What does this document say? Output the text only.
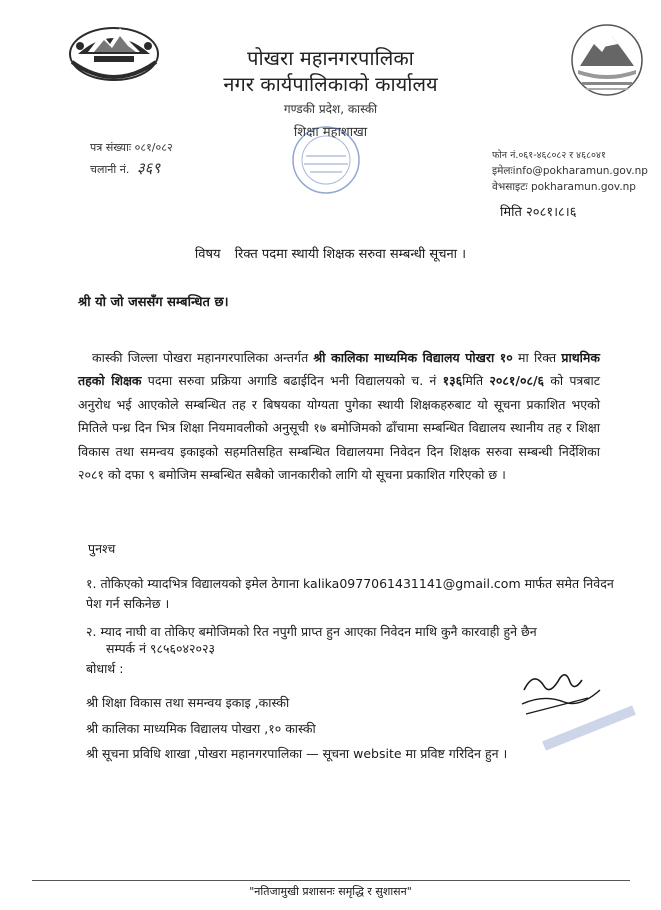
पोखरा महानगरपालिका
नगर कार्यपालिकाको कार्यालय
गण्डकी प्रदेश, कास्की
शिक्षा महाशाखा
पत्र संख्याः ०८१/०८२
चलानी नं. ३६९
फोन नं.०६१-४६८०८२ र ४६८०४१
इमेलःinfo@pokharamun.gov.np
वेभसाइटः pokharamun.gov.np
मिति २०८१।८।६
विषय रिक्त पदमा स्थायी शिक्षक सरुवा सम्बन्धी सूचना ।
श्री यो जो जससँग सम्बन्धित छ।
कास्की जिल्ला पोखरा महानगरपालिका अन्तर्गत श्री कालिका माध्यमिक विद्यालय पोखरा १० मा रिक्त प्राथमिक तहको शिक्षक पदमा सरुवा प्रक्रिया अगाडि बढाईदिन भनी विद्यालयको च. नं १३६मिति २०८१/०८/६ को पत्रबाट अनुरोध भई आएकोले सम्बन्धित तह र बिषयका योग्यता पुगेका स्थायी शिक्षकहरुबाट यो सूचना प्रकाशित भएको मितिले पन्ध्र दिन भित्र शिक्षा नियमावलीको अनुसूची १७ बमोजिमको ढाँचामा सम्बन्धित विद्यालय स्थानीय तह र शिक्षा विकास तथा समन्वय इकाइको सहमतिसहित सम्बन्धित विद्यालयमा निवेदन दिन शिक्षक सरुवा सम्बन्धी निर्देशिका २०८१ को दफा ९ बमोजिम सम्बन्धित सबैको जानकारीको लागि यो सूचना प्रकाशित गरिएको छ ।
पुनश्च
१. तोकिएको म्यादभित्र विद्यालयको इमेल ठेगाना kalika0977061431141@gmail.com मार्फत समेत निवेदन पेश गर्न सकिनेछ ।
२. म्याद नाघी वा तोकिए बमोजिमको रित नपुगी प्राप्त हुन आएका निवेदन माथि कुनै कारवाही हुने छैन
सम्पर्क नं ९८५६०४२०२३
बोधार्थ :
श्री शिक्षा विकास तथा समन्वय इकाइ ,कास्की
श्री कालिका माध्यमिक विद्यालय पोखरा ,१० कास्की
श्री सूचना प्रविधि शाखा ,पोखरा महानगरपालिका — सूचना website मा प्रविष्ट गरिदिन हुन ।
"नतिजामुखी प्रशासनः समृद्धि र सुशासन"
